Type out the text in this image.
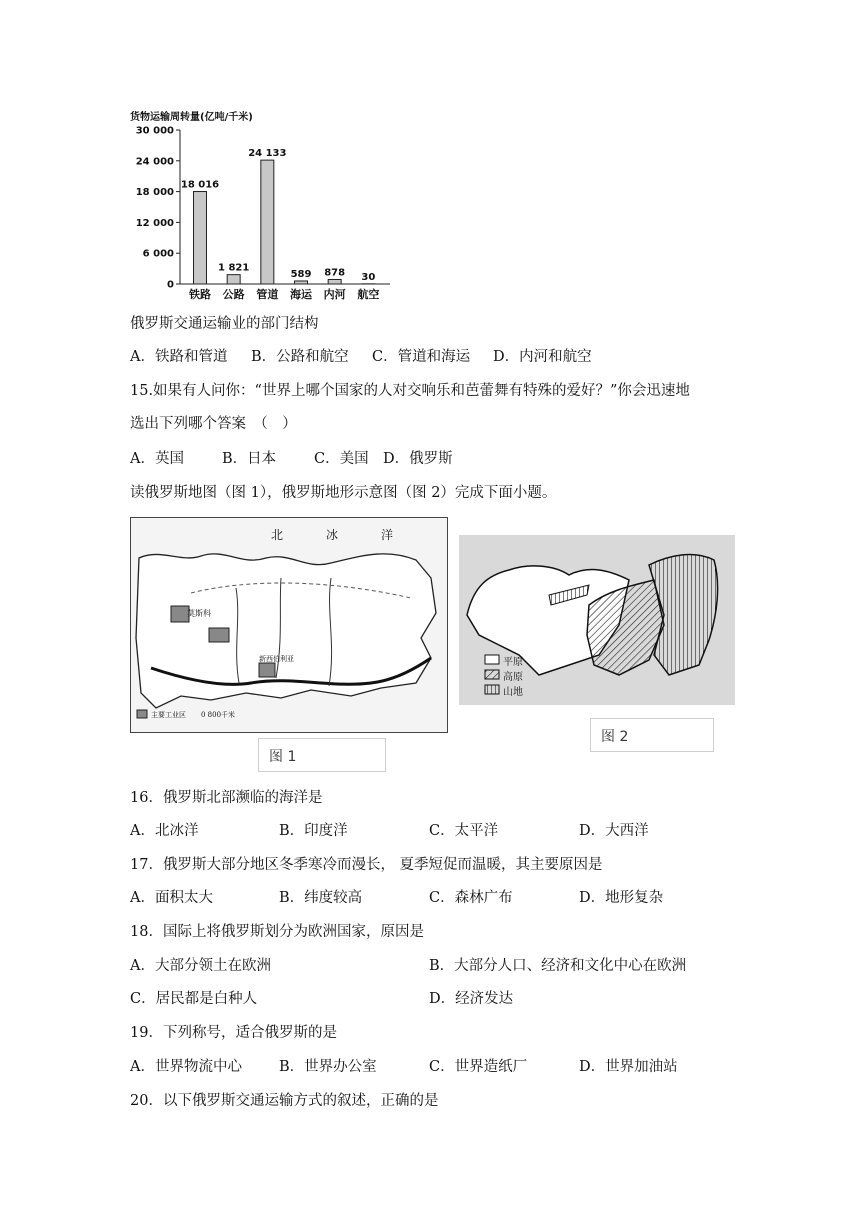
货物运输周转量(亿吨/千米)
30 000
24 000
18 000
12 000
6 000
0
18 016
铁路
1 821
公路
24 133
管道
589
海运
878
内河
30
航空
俄罗斯交通运输业的部门结构
A．铁路和管道 B．公路和航空 C．管道和海运 D．内河和航空
15.如果有人问你：“世界上哪个国家的人对交响乐和芭蕾舞有特殊的爱好？”你会迅速地
选出下列哪个答案　（　）
A．英国	B．日本	C．美国 D．俄罗斯
读俄罗斯地图（图 1），俄罗斯地形示意图（图 2）完成下面小题。
北	冰	洋
莫斯科
新西伯利亚
主要工业区 0 800千米
图 1
平原
高原
山地
图 2
16．俄罗斯北部濒临的海洋是
A．北冰洋	B．印度洋	C．太平洋	D．大西洋
17．俄罗斯大部分地区冬季寒冷而漫长， 夏季短促而温暖，其主要原因是
A．面积太大	B．纬度较高	C．森林广布	D．地形复杂
18．国际上将俄罗斯划分为欧洲国家，原因是
A．大部分领土在欧洲	B．大部分人口、经济和文化中心在欧洲
C．居民都是白种人	D．经济发达
19．下列称号，适合俄罗斯的是
A．世界物流中心	B．世界办公室	C．世界造纸厂	D．世界加油站
20．以下俄罗斯交通运输方式的叙述，正确的是
